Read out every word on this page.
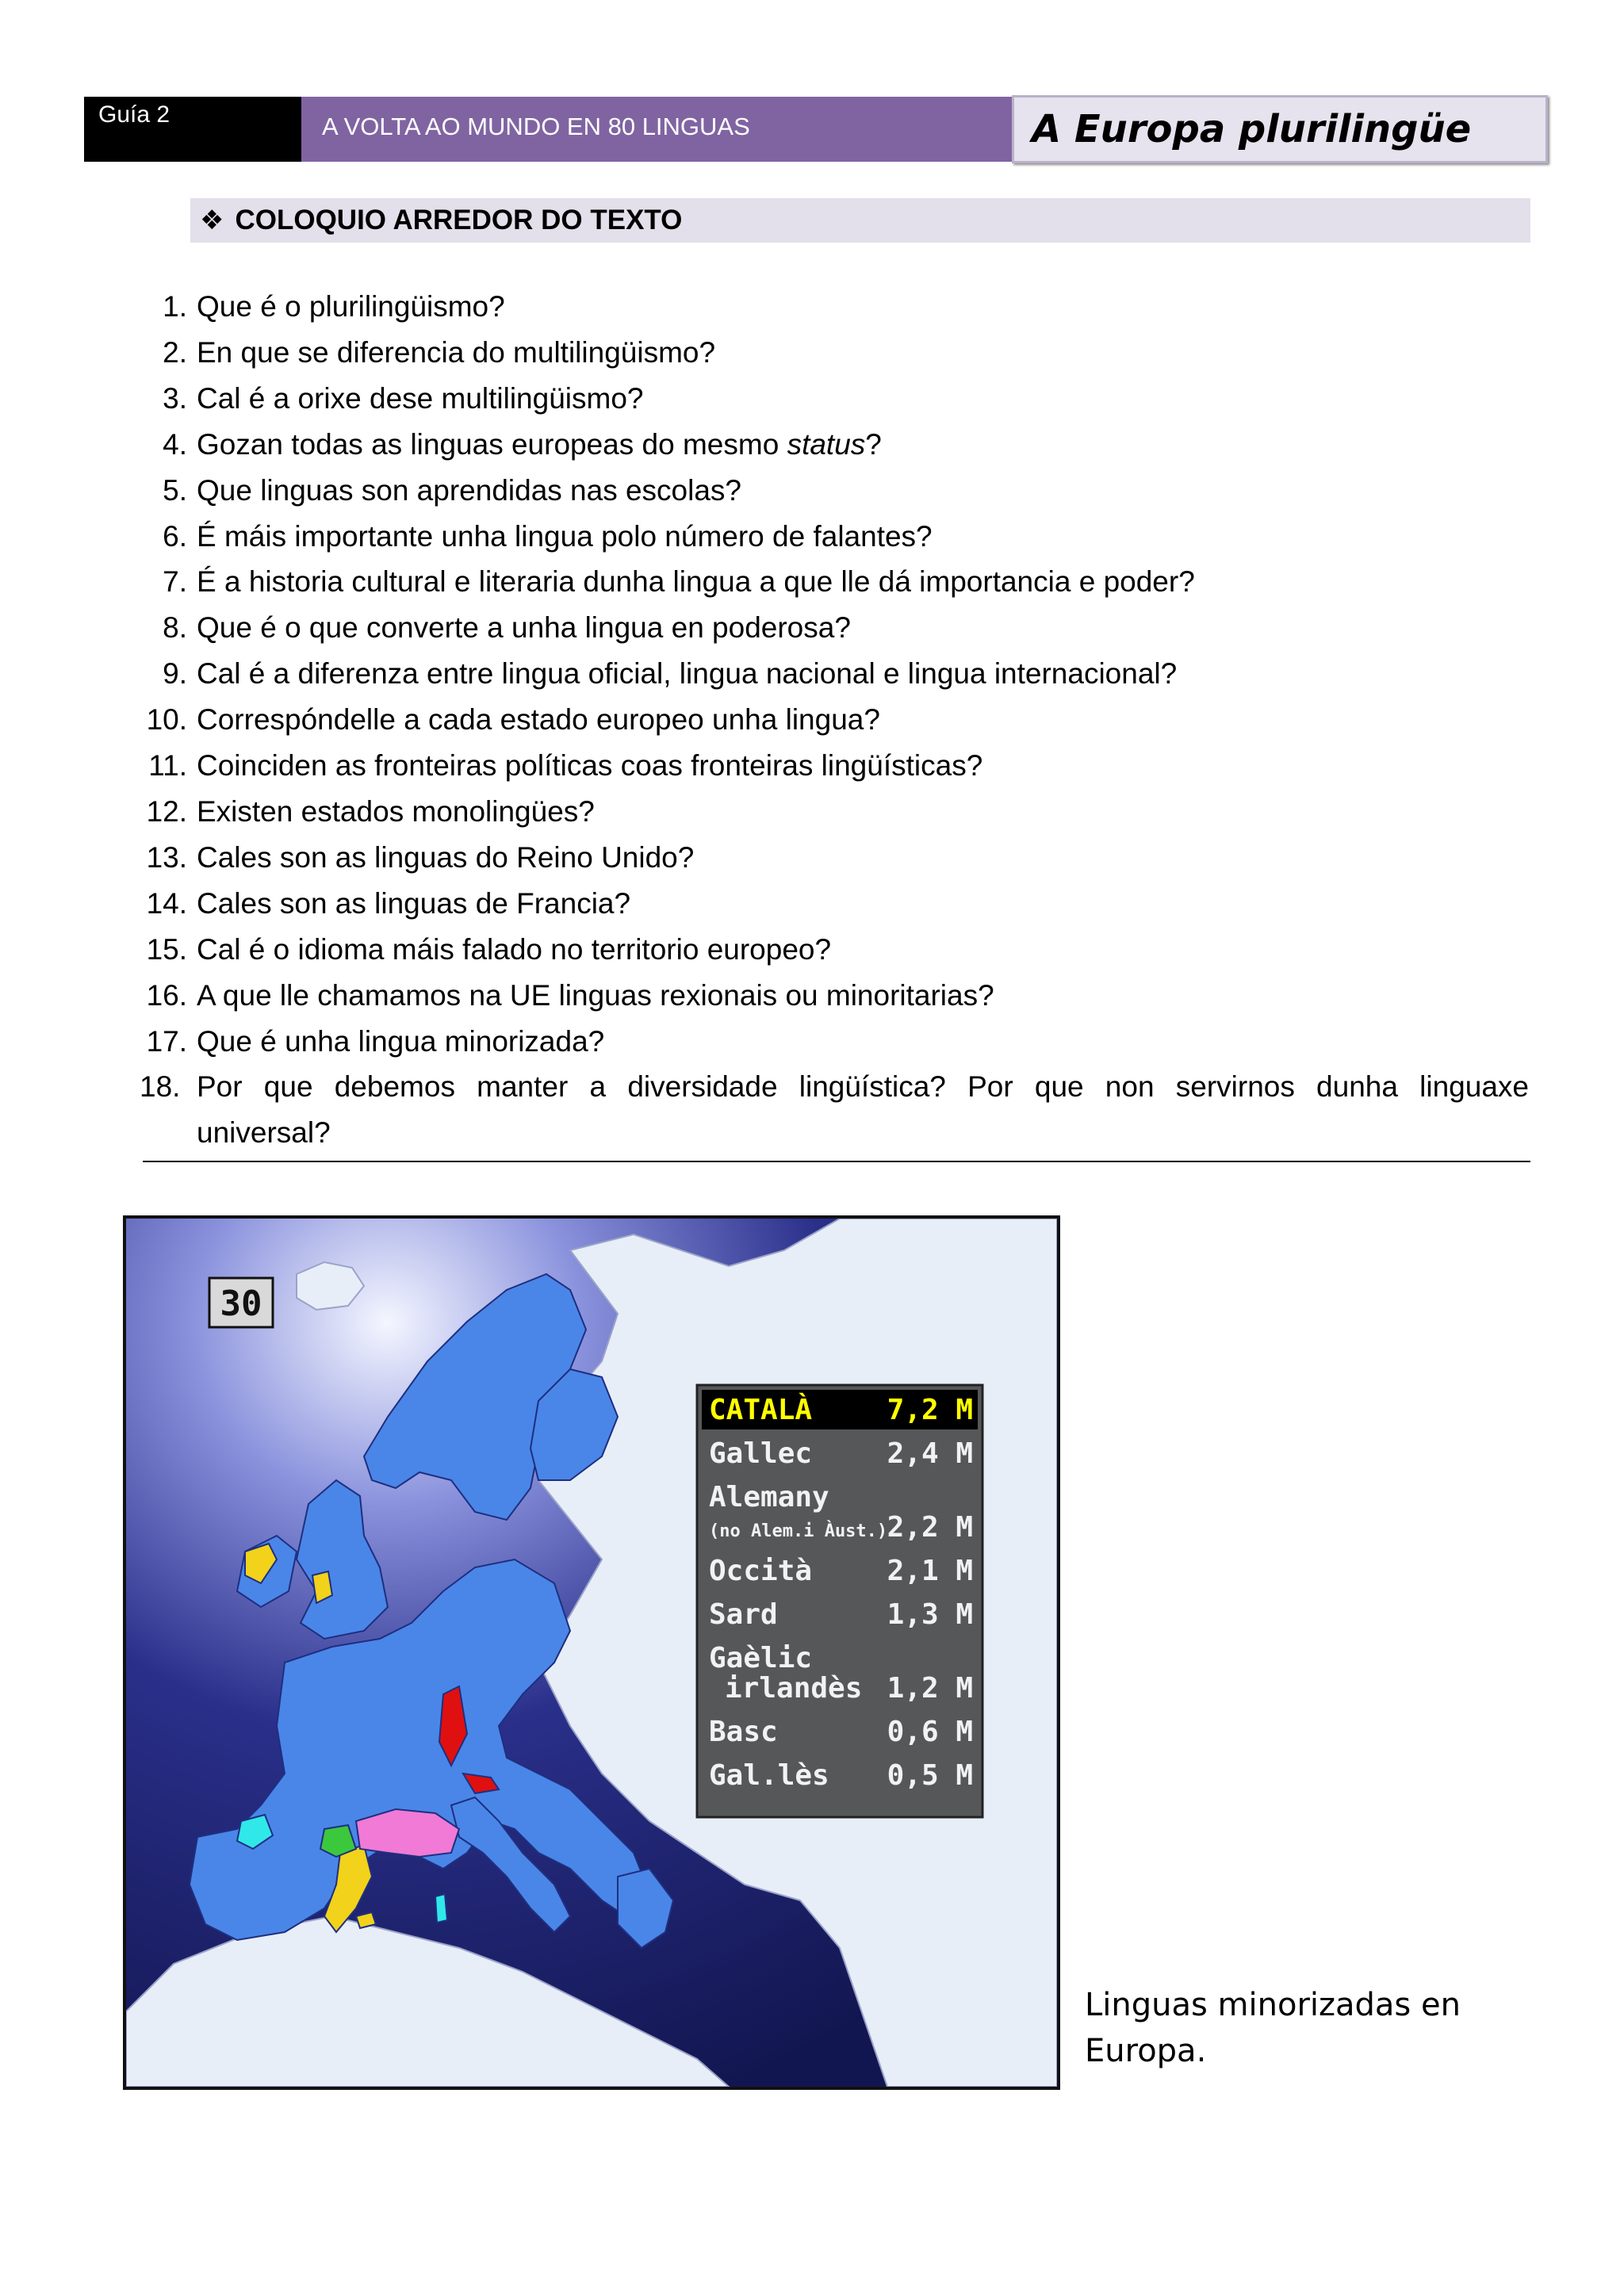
Guía 2	A VOLTA AO MUNDO EN 80 LINGUAS	A Europa plurilingüe
❖ COLOQUIO ARREDOR DO TEXTO
1. Que é o plurilingüismo?
2. En que se diferencia do multilingüismo?
3. Cal é a orixe dese multilingüismo?
4. Gozan todas as linguas europeas do mesmo status?
5. Que linguas son aprendidas nas escolas?
6. É máis importante unha lingua polo número de falantes?
7. É a historia cultural e literaria dunha lingua a que lle dá importancia e poder?
8. Que é o que converte a unha lingua en poderosa?
9. Cal é a diferenza entre lingua oficial, lingua nacional e lingua internacional?
10. Correspóndelle a cada estado europeo unha lingua?
11. Coinciden as fronteiras políticas coas fronteiras lingüísticas?
12. Existen estados monolingües?
13. Cales son as linguas do Reino Unido?
14. Cales son as linguas de Francia?
15. Cal é o idioma máis falado no territorio europeo?
16. A que lle chamamos na UE linguas rexionais ou minoritarias?
17. Que é unha lingua minorizada?
18. Por que debemos manter a diversidade lingüística? Por que non servirnos dunha linguaxe
universal?
30
CATALÀ	7,2 M
Gallec	2,4 M
Alemany
(no Alem.i Àust.) 2,2 M
Occità	2,1 M
Sard	1,3 M
Gaèlic
irlandès 1,2 M
Basc	0,6 M
Gal.lès 0,5 M
Linguas minorizadas en
Europa.
